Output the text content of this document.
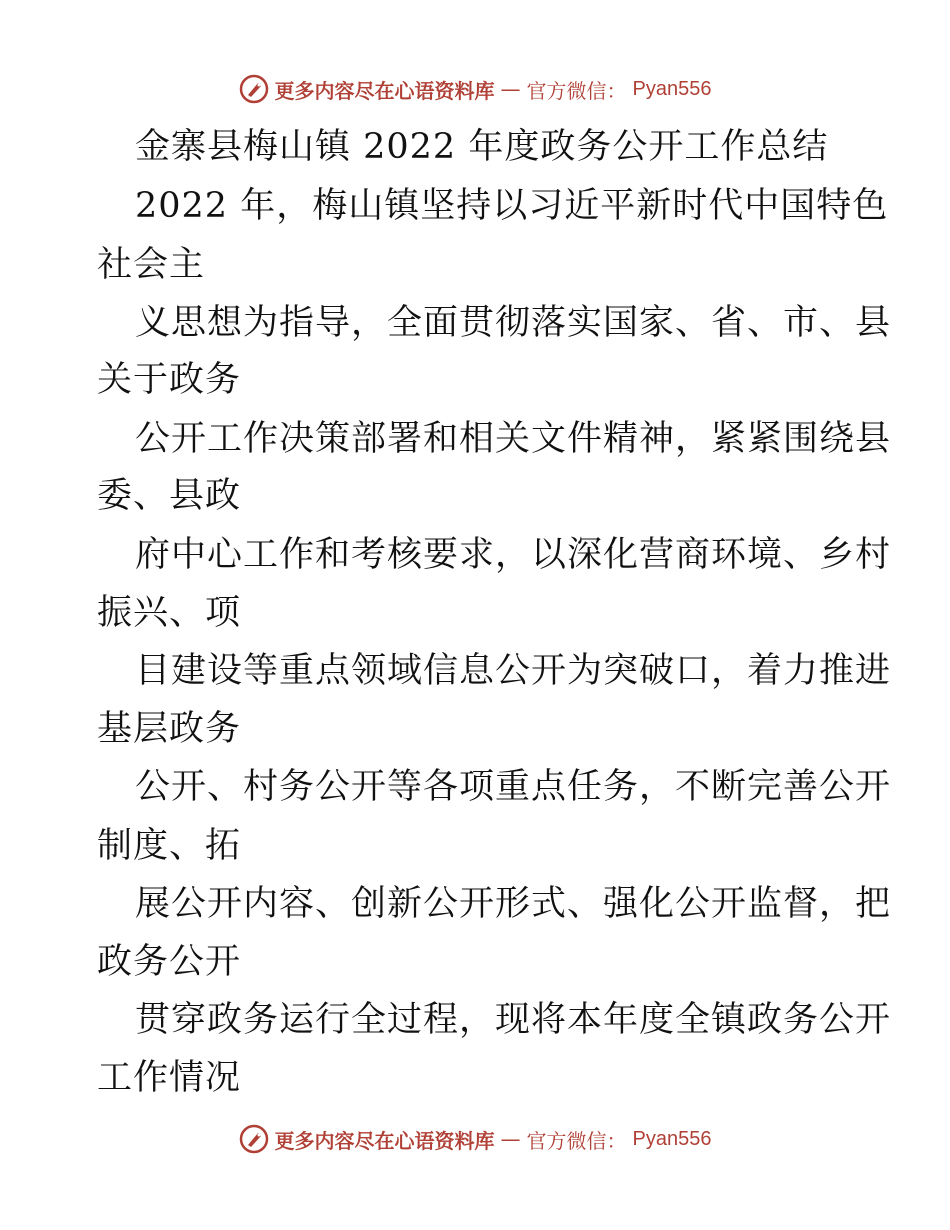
更多内容尽在心语资料库 — 官方微信： Pyan556
金寨县梅山镇 2022 年度政务公开工作总结
2022 年，梅山镇坚持以习近平新时代中国特色
社会主
义思想为指导，全面贯彻落实国家、省、市、县
关于政务
公开工作决策部署和相关文件精神，紧紧围绕县
委、县政
府中心工作和考核要求，以深化营商环境、乡村
振兴、项
目建设等重点领域信息公开为突破口，着力推进
基层政务
公开、村务公开等各项重点任务，不断完善公开
制度、拓
展公开内容、创新公开形式、强化公开监督，把
政务公开
贯穿政务运行全过程，现将本年度全镇政务公开
工作情况
更多内容尽在心语资料库 — 官方微信： Pyan556
